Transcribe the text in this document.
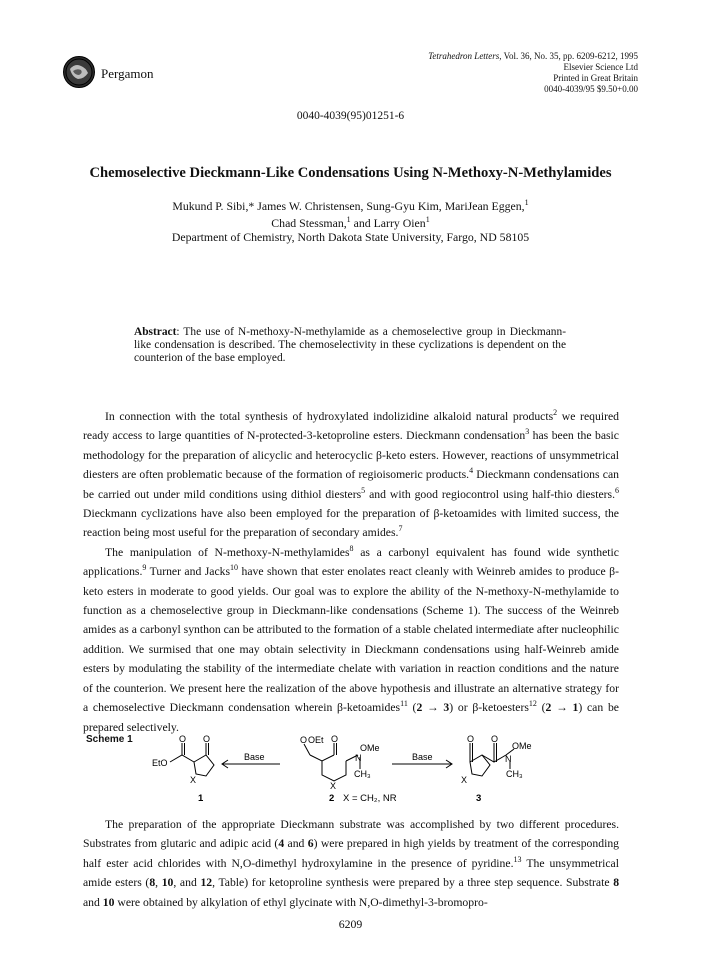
Pergamon
Tetrahedron Letters, Vol. 36, No. 35, pp. 6209-6212, 1995
Elsevier Science Ltd
Printed in Great Britain
0040-4039/95 $9.50+0.00
0040-4039(95)01251-6
Chemoselective Dieckmann-Like Condensations Using N-Methoxy-N-Methylamides
Mukund P. Sibi,* James W. Christensen, Sung-Gyu Kim, MariJean Eggen,$^1$
Chad Stessman,$^1$ and Larry Oien$^1$
Department of Chemistry, North Dakota State University, Fargo, ND 58105
Abstract: The use of N-methoxy-N-methylamide as a chemoselective group in Dieckmann-like condensation is described. The chemoselectivity in these cyclizations is dependent on the counterion of the base employed.

In connection with the total synthesis of hydroxylated indolizidine alkaloid natural products$^2$ we required ready access to large quantities of N-protected-3-ketoproline esters. Dieckmann condensation$^3$ has been the basic methodology for the preparation of alicyclic and heterocyclic β-keto esters. However, reactions of unsymmetrical diesters are often problematic because of the formation of regioisomeric products.$^4$ Dieckmann condensations can be carried out under mild conditions using dithiol diesters$^5$ and with good regiocontrol using half-thio diesters.$^6$ Dieckmann cyclizations have also been employed for the preparation of β-ketoamides with limited success, the reaction being most useful for the preparation of secondary amides.$^7$

The manipulation of N-methoxy-N-methylamides$^8$ as a carbonyl equivalent has found wide synthetic applications.$^9$ Turner and Jacks$^{10}$ have shown that ester enolates react cleanly with Weinreb amides to produce β-keto esters in moderate to good yields. Our goal was to explore the ability of the N-methoxy-N-methylamide to function as a chemoselective group in Dieckmann-like condensations (Scheme 1). The success of the Weinreb amides as a carbonyl synthon can be attributed to the formation of a stable chelated intermediate after nucleophilic addition. We surmised that one may obtain selectivity in Dieckmann condensations using half-Weinreb amide esters by modulating the stability of the intermediate chelate with variation in reaction conditions and the nature of the counterion. We present here the realization of the above hypothesis and illustrate an alternative strategy for a chemoselective Dieckmann condensation wherein β-ketoamides$^{11}$ (2 → 3) or β-ketoesters$^{12}$ (2 → 1) can be prepared selectively.

Scheme 1
EtO
O O
X
Base
O OEt O
OMe
N
CH₃
X
Base
O O
OMe
N
CH₃
X
1	2	3
X = CH₂, NR

The preparation of the appropriate Dieckmann substrate was accomplished by two different procedures. Substrates from glutaric and adipic acid (4 and 6) were prepared in high yields by treatment of the corresponding half ester acid chlorides with N,O-dimethyl hydroxylamine in the presence of pyridine.$^{13}$ The unsymmetrical amide esters (8, 10, and 12, Table) for ketoproline synthesis were prepared by a three step sequence. Substrate 8 and 10 were obtained by alkylation of ethyl glycinate with N,O-dimethyl-3-bromopro-

6209
